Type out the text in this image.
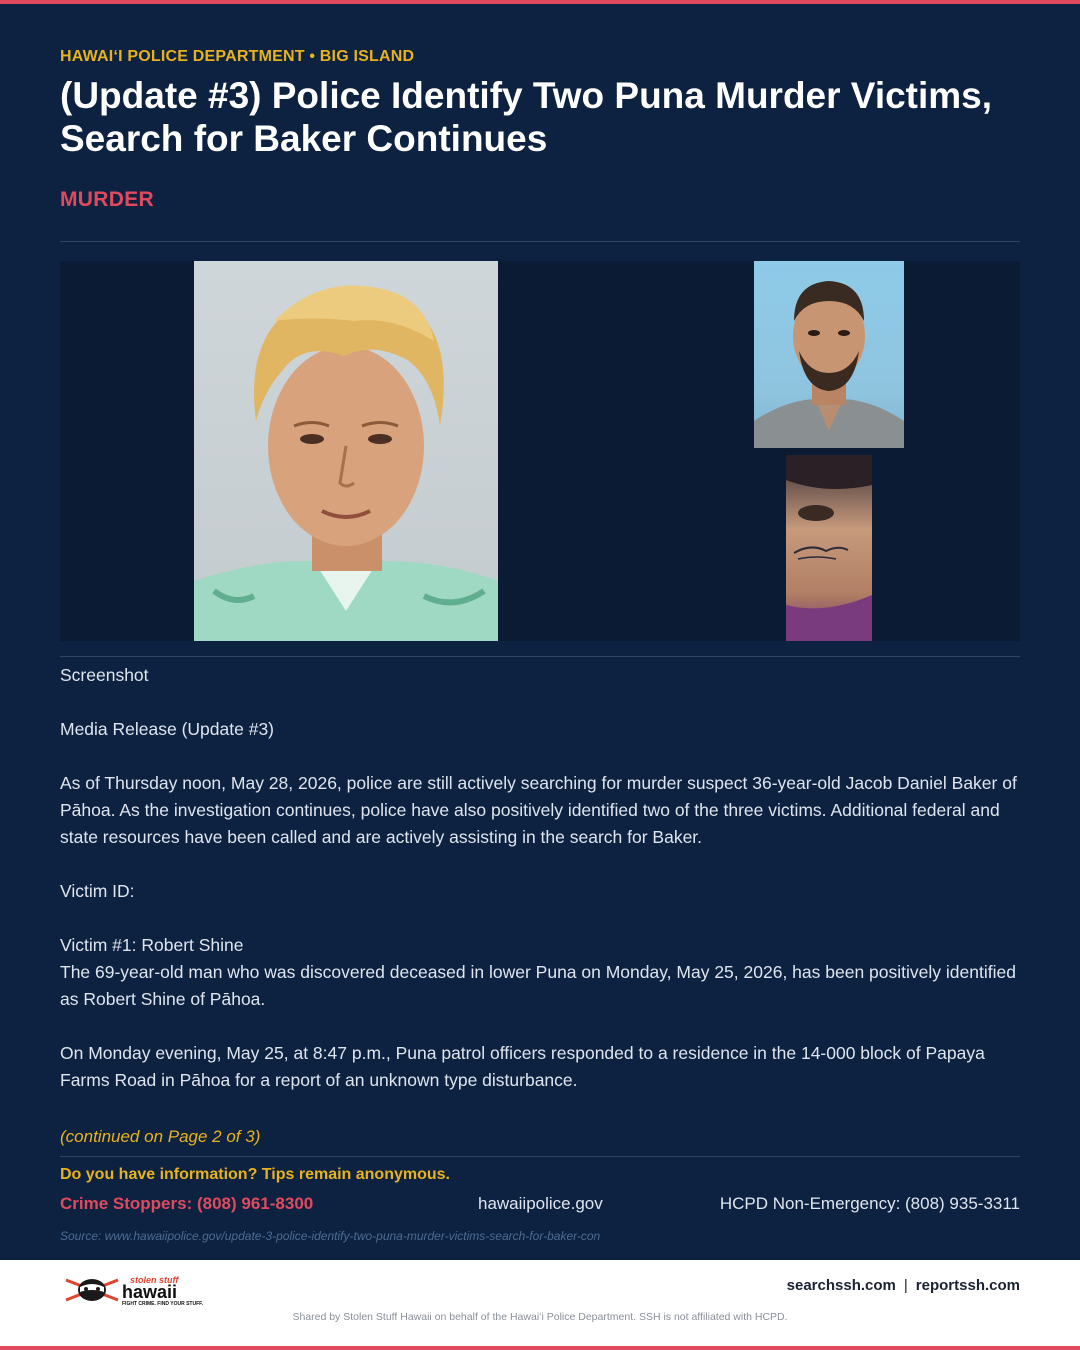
HAWAIʻI POLICE DEPARTMENT • BIG ISLAND
(Update #3) Police Identify Two Puna Murder Victims, Search for Baker Continues
MURDER

Screenshot

Media Release (Update #3)

As of Thursday noon, May 28, 2026, police are still actively searching for murder suspect 36-year-old Jacob Daniel Baker of Pāhoa. As the investigation continues, police have also positively identified two of the three victims. Additional federal and state resources have been called and are actively assisting in the search for Baker.

Victim ID:

Victim #1: Robert Shine

The 69-year-old man who was discovered deceased in lower Puna on Monday, May 25, 2026, has been positively identified as Robert Shine of Pāhoa.

On Monday evening, May 25, at 8:47 p.m., Puna patrol officers responded to a residence in the 14-000 block of Papaya Farms Road in Pāhoa for a report of an unknown type disturbance.

(continued on Page 2 of 3)
Do you have information? Tips remain anonymous.
Crime Stoppers: (808) 961-8300	hawaiipolice.gov	HCPD Non-Emergency: (808) 935-3311
Source: www.hawaiipolice.gov/update-3-police-identify-two-puna-murder-victims-search-for-baker-con
stolen stuff
hawaii
FIGHT CRIME. FIND YOUR STUFF.
searchssh.com | reportssh.com
Shared by Stolen Stuff Hawaii on behalf of the Hawaiʻi Police Department. SSH is not affiliated with HCPD.
